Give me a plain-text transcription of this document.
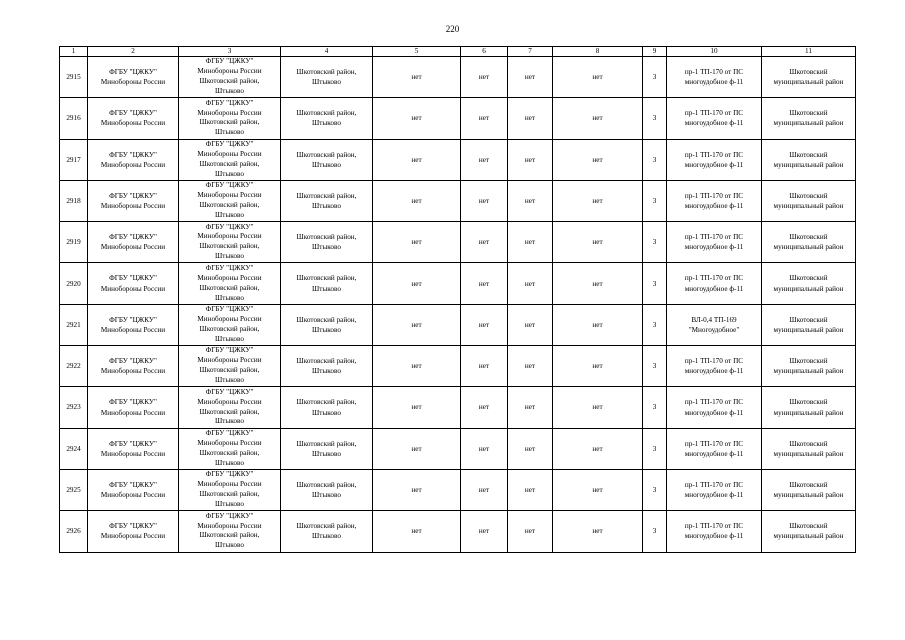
220
1	2	3	4	5	6	7	8	9	10	11
2915	ФГБУ "ЦЖКУ"
Минобороны России	ФГБУ "ЦЖКУ"
Минобороны России
Шкотовский район,
Штыково	Шкотовский район,
Штыково	нет	нет	нет	нет	3	пр-1 ТП-170 от ПС
многоудобное ф-11	Шкотовский
муниципальный район

2916	ФГБУ "ЦЖКУ"
Минобороны России	ФГБУ "ЦЖКУ"
Минобороны России
Шкотовский район,
Штыково	Шкотовский район,
Штыково	нет	нет	нет	нет	3	пр-1 ТП-170 от ПС
многоудобное ф-11	Шкотовский
муниципальный район

2917	ФГБУ "ЦЖКУ"
Минобороны России	ФГБУ "ЦЖКУ"
Минобороны России
Шкотовский район,
Штыково	Шкотовский район,
Штыково	нет	нет	нет	нет	3	пр-1 ТП-170 от ПС
многоудобное ф-11	Шкотовский
муниципальный район

2918	ФГБУ "ЦЖКУ"
Минобороны России	ФГБУ "ЦЖКУ"
Минобороны России
Шкотовский район,
Штыково	Шкотовский район,
Штыково	нет	нет	нет	нет	3	пр-1 ТП-170 от ПС
многоудобное ф-11	Шкотовский
муниципальный район

2919	ФГБУ "ЦЖКУ"
Минобороны России	ФГБУ "ЦЖКУ"
Минобороны России
Шкотовский район,
Штыково	Шкотовский район,
Штыково	нет	нет	нет	нет	3	пр-1 ТП-170 от ПС
многоудобное ф-11	Шкотовский
муниципальный район

2920	ФГБУ "ЦЖКУ"
Минобороны России	ФГБУ "ЦЖКУ"
Минобороны России
Шкотовский район,
Штыково	Шкотовский район,
Штыково	нет	нет	нет	нет	3	пр-1 ТП-170 от ПС
многоудобное ф-11	Шкотовский
муниципальный район

2921	ФГБУ "ЦЖКУ"
Минобороны России	ФГБУ "ЦЖКУ"
Минобороны России
Шкотовский район,
Штыково	Шкотовский район,
Штыково	нет	нет	нет	нет	3	ВЛ-0,4 ТП-169
"Многоудобное"	Шкотовский
муниципальный район

2922	ФГБУ "ЦЖКУ"
Минобороны России	ФГБУ "ЦЖКУ"
Минобороны России
Шкотовский район,
Штыково	Шкотовский район,
Штыково	нет	нет	нет	нет	3	пр-1 ТП-170 от ПС
многоудобное ф-11	Шкотовский
муниципальный район

2923	ФГБУ "ЦЖКУ"
Минобороны России	ФГБУ "ЦЖКУ"
Минобороны России
Шкотовский район,
Штыково	Шкотовский район,
Штыково	нет	нет	нет	нет	3	пр-1 ТП-170 от ПС
многоудобное ф-11	Шкотовский
муниципальный район

2924	ФГБУ "ЦЖКУ"
Минобороны России	ФГБУ "ЦЖКУ"
Минобороны России
Шкотовский район,
Штыково	Шкотовский район,
Штыково	нет	нет	нет	нет	3	пр-1 ТП-170 от ПС
многоудобное ф-11	Шкотовский
муниципальный район

2925	ФГБУ "ЦЖКУ"
Минобороны России	ФГБУ "ЦЖКУ"
Минобороны России
Шкотовский район,
Штыково	Шкотовский район,
Штыково	нет	нет	нет	нет	3	пр-1 ТП-170 от ПС
многоудобное ф-11	Шкотовский
муниципальный район

2926	ФГБУ "ЦЖКУ"
Минобороны России	ФГБУ "ЦЖКУ"
Минобороны России
Шкотовский район,
Штыково	Шкотовский район,
Штыково	нет	нет	нет	нет	3	пр-1 ТП-170 от ПС
многоудобное ф-11	Шкотовский
муниципальный район
